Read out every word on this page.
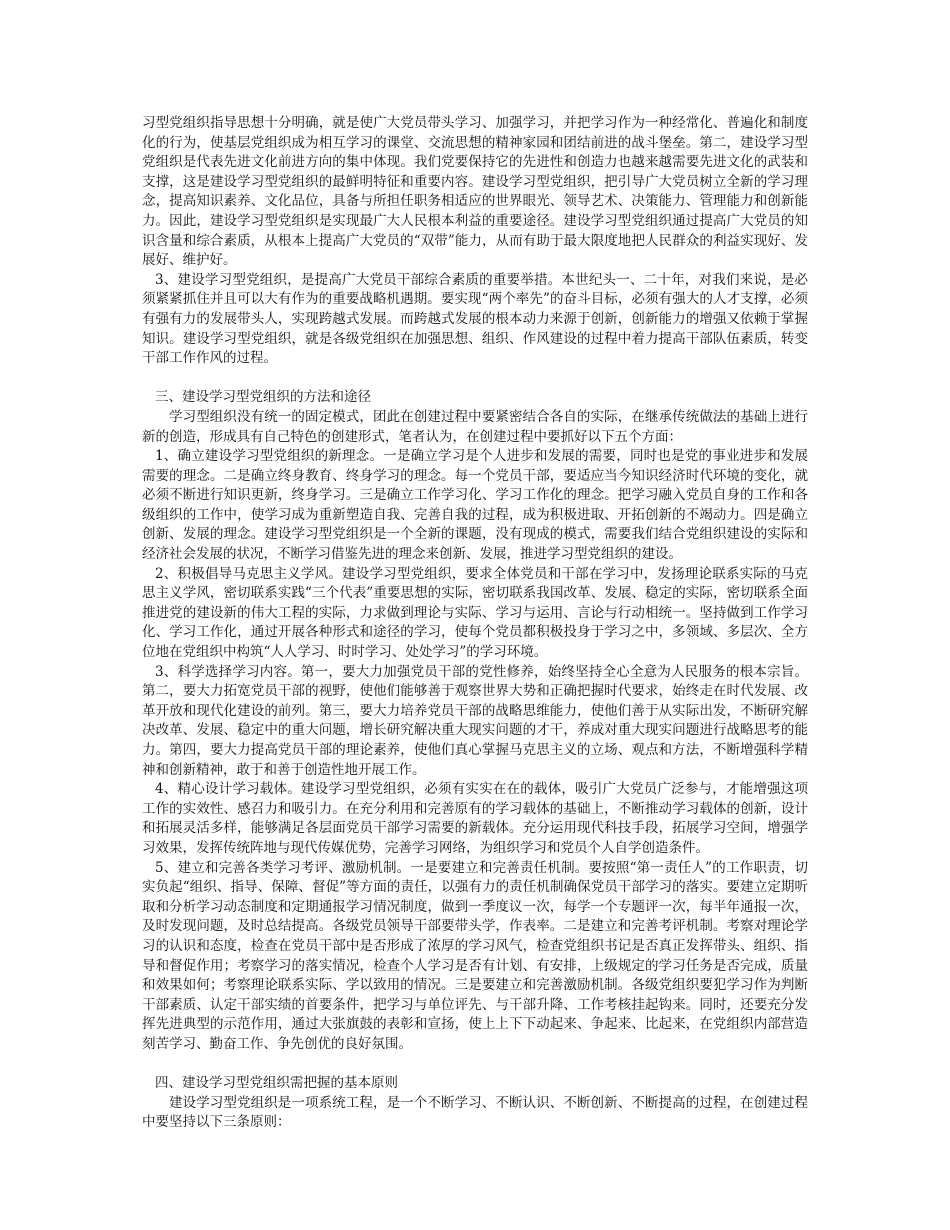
习型党组织指导思想十分明确，就是使广大党员带头学习、加强学习，并把学习作为一种经常化、普遍化和制度化的行为，使基层党组织成为相互学习的课堂、交流思想的精神家园和团结前进的战斗堡垒。第二，建设学习型党组织是代表先进文化前进方向的集中体现。我们党要保持它的先进性和创造力也越来越需要先进文化的武装和支撑，这是建设学习型党组织的最鲜明特征和重要内容。建设学习型党组织，把引导广大党员树立全新的学习理念，提高知识素养、文化品位，具备与所担任职务相适应的世界眼光、领导艺术、决策能力、管理能力和创新能力。因此，建设学习型党组织是实现最广大人民根本利益的重要途径。建设学习型党组织通过提高广大党员的知识含量和综合素质，从根本上提高广大党员的“双带”能力，从而有助于最大限度地把人民群众的利益实现好、发展好、维护好。

3、建设学习型党组织，是提高广大党员干部综合素质的重要举措。本世纪头一、二十年，对我们来说，是必须紧紧抓住并且可以大有作为的重要战略机遇期。要实现“两个率先”的奋斗目标，必须有强大的人才支撑，必须有强有力的发展带头人，实现跨越式发展。而跨越式发展的根本动力来源于创新，创新能力的增强又依赖于掌握知识。建设学习型党组织，就是各级党组织在加强思想、组织、作风建设的过程中着力提高干部队伍素质，转变干部工作作风的过程。

三、建设学习型党组织的方法和途径

学习型组织没有统一的固定模式，团此在创建过程中要紧密结合各自的实际，在继承传统做法的基础上进行新的创造，形成具有自己特色的创建形式，笔者认为，在创建过程中要抓好以下五个方面：

1、确立建设学习型党组织的新理念。一是确立学习是个人进步和发展的需要，同时也是党的事业进步和发展需要的理念。二是确立终身教育、终身学习的理念。每一个党员干部，要适应当今知识经济时代环境的变化，就必须不断进行知识更新，终身学习。三是确立工作学习化、学习工作化的理念。把学习融入党员自身的工作和各级组织的工作中，使学习成为重新塑造自我、完善自我的过程，成为积极进取、开拓创新的不竭动力。四是确立创新、发展的理念。建设学习型党组织是一个全新的课题，没有现成的模式，需要我们结合党组织建设的实际和经济社会发展的状况，不断学习借鉴先进的理念来创新、发展，推进学习型党组织的建设。

2、积极倡导马克思主义学风。建设学习型党组织，要求全体党员和干部在学习中，发扬理论联系实际的马克思主义学风，密切联系实践“三个代表”重要思想的实际，密切联系我国改革、发展、稳定的实际，密切联系全面推进党的建设新的伟大工程的实际，力求做到理论与实际、学习与运用、言论与行动相统一。坚持做到工作学习化、学习工作化，通过开展各种形式和途径的学习，使每个党员都积极投身于学习之中，多领域、多层次、全方位地在党组织中构筑“人人学习、时时学习、处处学习”的学习环境。

3、科学选择学习内容。第一，要大力加强党员干部的党性修养，始终坚持全心全意为人民服务的根本宗旨。第二，要大力拓宽党员干部的视野，使他们能够善于观察世界大势和正确把握时代要求，始终走在时代发展、改革开放和现代化建设的前列。第三，要大力培养党员干部的战略思维能力，使他们善于从实际出发，不断研究解决改革、发展、稳定中的重大问题，增长研究解决重大现实问题的才干，养成对重大现实问题进行战略思考的能力。第四，要大力提高党员干部的理论素养，使他们真心掌握马克思主义的立场、观点和方法，不断增强科学精神和创新精神，敢于和善于创造性地开展工作。

4、精心设计学习载体。建设学习型党组织，必须有实实在在的载体，吸引广大党员广泛参与，才能增强这项工作的实效性、感召力和吸引力。在充分利用和完善原有的学习载体的基础上，不断推动学习载体的创新，设计和拓展灵活多样，能够满足各层面党员干部学习需要的新载体。充分运用现代科技手段，拓展学习空间，增强学习效果，发挥传统阵地与现代传媒优势，完善学习网络，为组织学习和党员个人自学创造条件。

5、建立和完善各类学习考评、激励机制。一是要建立和完善责任机制。要按照“第一责任人”的工作职责，切实负起“组织、指导、保障、督促”等方面的责任，以强有力的责任机制确保党员干部学习的落实。要建立定期听取和分析学习动态制度和定期通报学习情况制度，做到一季度议一次，每学一个专题评一次，每半年通报一次，及时发现问题，及时总结提高。各级党员领导干部要带头学，作表率。二是建立和完善考评机制。考察对理论学习的认识和态度，检查在党员干部中是否形成了浓厚的学习风气，检查党组织书记是否真正发挥带头、组织、指导和督促作用；考察学习的落实情况，检查个人学习是否有计划、有安排，上级规定的学习任务是否完成，质量和效果如何；考察理论联系实际、学以致用的情况。三是要建立和完善激励机制。各级党组织要犯学习作为判断干部素质、认定干部实绩的首要条件，把学习与单位评先、与干部升降、工作考核挂起钩来。同时，还要充分发挥先进典型的示范作用，通过大张旗鼓的表彰和宣扬，使上上下下动起来、争起来、比起来，在党组织内部营造刻苦学习、勤奋工作、争先创优的良好氛围。

四、建设学习型党组织需把握的基本原则

建设学习型党组织是一项系统工程，是一个不断学习、不断认识、不断创新、不断提高的过程，在创建过程中要坚持以下三条原则：
